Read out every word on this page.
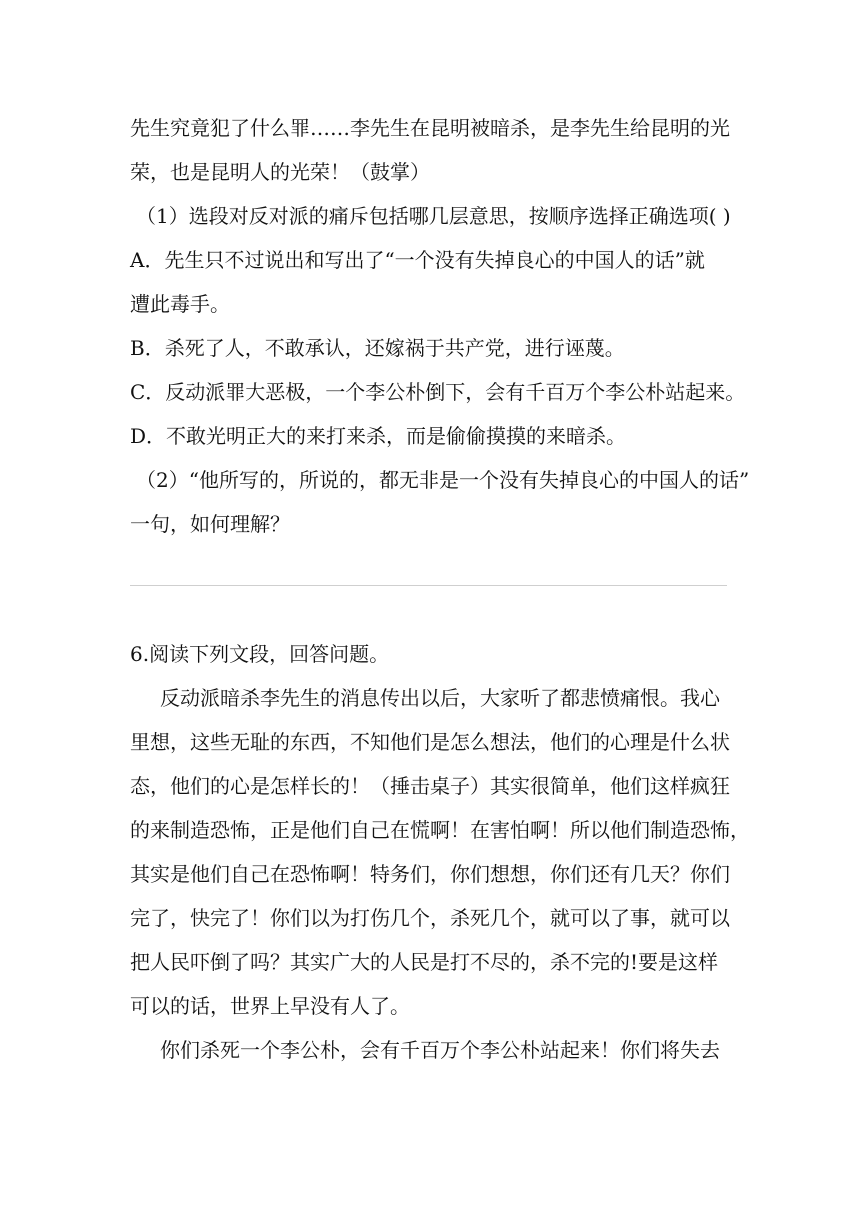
先生究竟犯了什么罪……李先生在昆明被暗杀，是李先生给昆明的光
荣，也是昆明人的光荣！（鼓掌）
（1）选段对反对派的痛斥包括哪几层意思，按顺序选择正确选项( )
A．先生只不过说出和写出了“一个没有失掉良心的中国人的话”就
遭此毒手。
B．杀死了人，不敢承认，还嫁祸于共产党，进行诬蔑。
C．反动派罪大恶极，一个李公朴倒下，会有千百万个李公朴站起来。
D．不敢光明正大的来打来杀，而是偷偷摸摸的来暗杀。
（2）“他所写的，所说的，都无非是一个没有失掉良心的中国人的话”
一句，如何理解？
6.阅读下列文段，回答问题。
反动派暗杀李先生的消息传出以后，大家听了都悲愤痛恨。我心
里想，这些无耻的东西，不知他们是怎么想法，他们的心理是什么状
态，他们的心是怎样长的！（捶击桌子）其实很简单，他们这样疯狂
的来制造恐怖，正是他们自己在慌啊！在害怕啊！所以他们制造恐怖，
其实是他们自己在恐怖啊！特务们，你们想想，你们还有几天？你们
完了，快完了！你们以为打伤几个，杀死几个，就可以了事，就可以
把人民吓倒了吗？其实广大的人民是打不尽的，杀不完的!要是这样
可以的话，世界上早没有人了。
你们杀死一个李公朴，会有千百万个李公朴站起来！你们将失去
